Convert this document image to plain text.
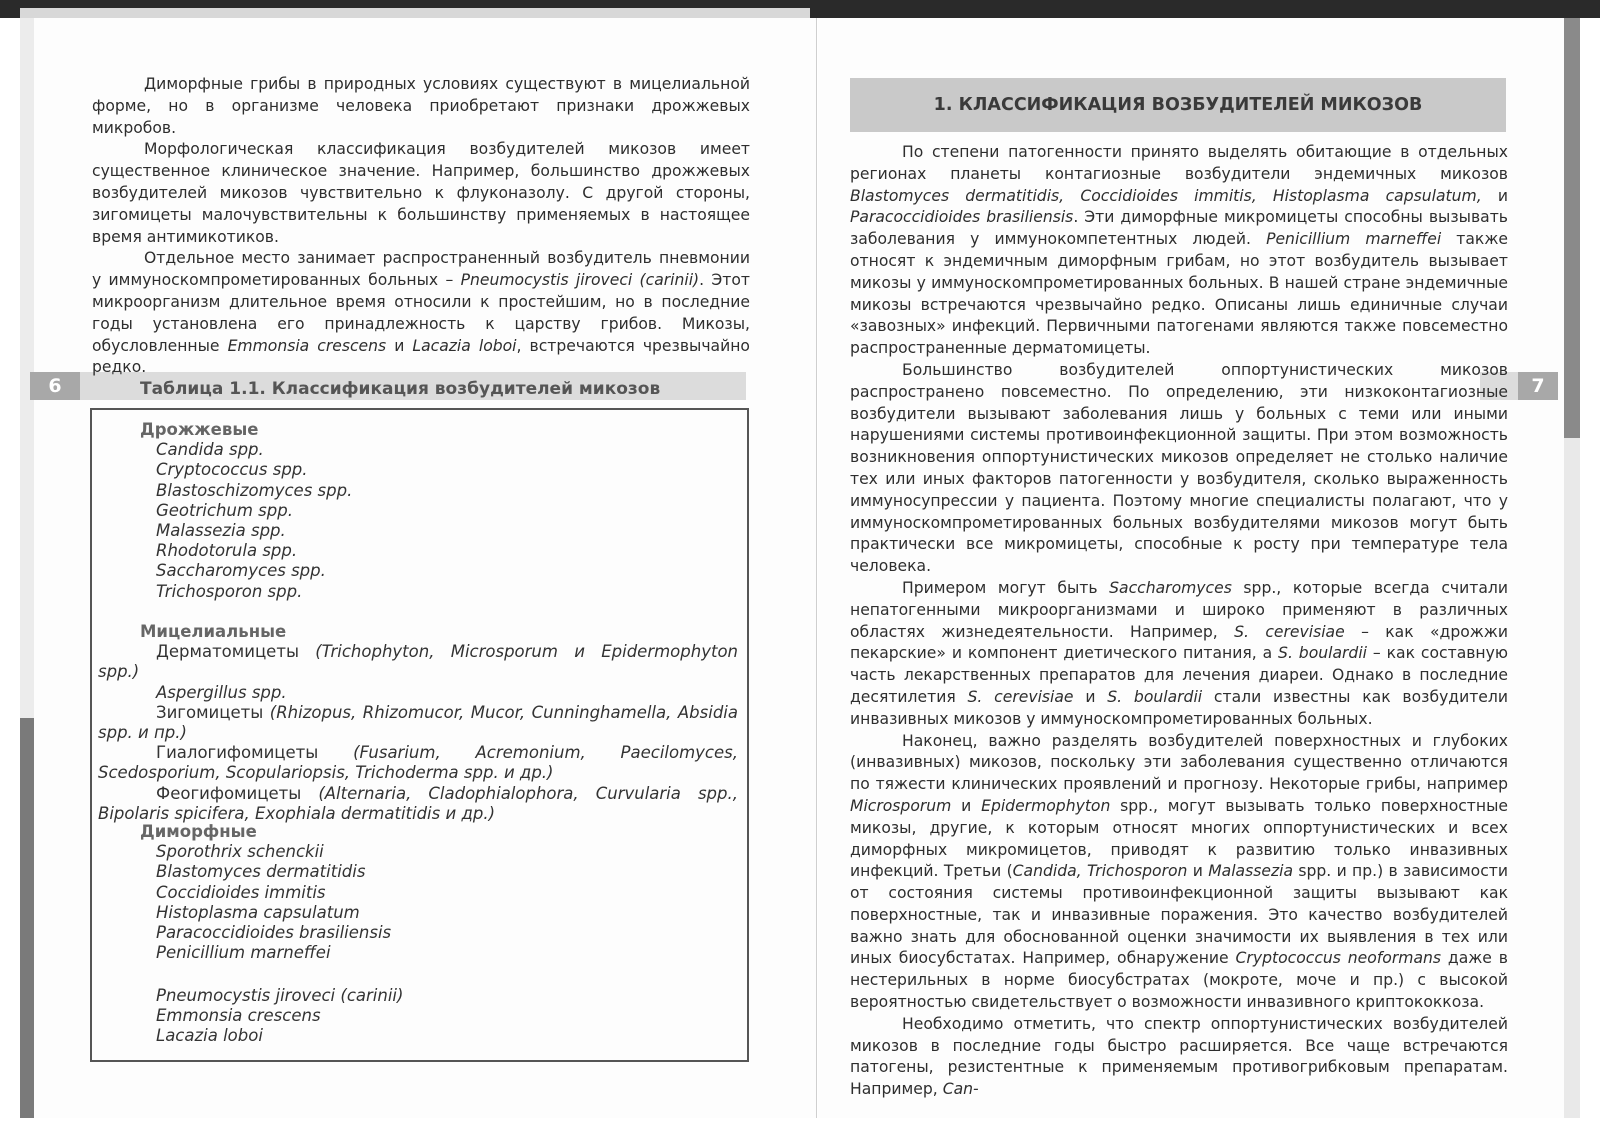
6	7

Диморфные грибы в природных условиях существуют в мицелиальной форме, но в организме человека приобретают признаки дрожжевых микробов.

Морфологическая классификация возбудителей микозов имеет существенное клиническое значение. Например, большинство дрожжевых возбудителей микозов чувствительно к флуконазолу. С другой стороны, зигомицеты малочувствительны к большинству применяемых в настоящее время антимикотиков.

Отдельное место занимает распространенный возбудитель пневмонии у иммуноскомпрометированных больных – Pneumocystis jiroveci (carinii). Этот микроорганизм длительное время относили к простейшим, но в последние годы установлена его принадлежность к царству грибов. Микозы, обусловленные Emmonsia crescens и Lacazia loboi, встречаются чрезвычайно редко.

Таблица 1.1. Классификация возбудителей микозов
Дрожжевые
Candida spp.
Cryptococcus spp.
Blastoschizomyces spp.
Geotrichum spp.
Malassezia spp.
Rhodotorula spp.
Saccharomyces spp.
Trichosporon spp.
Мицелиальные
Дерматомицеты (Trichophyton, Microsporum и Epidermophyton spp.)
Aspergillus spp.
Зигомицеты (Rhizopus, Rhizomucor, Mucor, Cunninghamella, Absidia spp. и пр.)
Гиалогифомицеты (Fusarium, Acremonium, Paecilomyces, Scedosporium, Scopulariopsis, Trichoderma spp. и др.)
Феогифомицеты (Alternaria, Cladophialophora, Curvularia spp., Bipolaris spicifera, Exophiala dermatitidis и др.)
Диморфные
Sporothrix schenckii
Blastomyces dermatitidis
Coccidioides immitis
Histoplasma capsulatum
Paracoccidioides brasiliensis
Penicillium marneffei
Pneumocystis jiroveci (carinii)
Emmonsia crescens
Lacazia loboi
1. КЛАССИФИКАЦИЯ ВОЗБУДИТЕЛЕЙ МИКОЗОВ

По степени патогенности принято выделять обитающие в отдельных регионах планеты контагиозные возбудители эндемичных микозов Blastomyces dermatitidis, Coccidioides immitis, Histoplasma capsulatum, и Paracoccidioides brasiliensis. Эти диморфные микромицеты способны вызывать заболевания у иммунокомпетентных людей. Penicillium marneffei также относят к эндемичным диморфным грибам, но этот возбудитель вызывает микозы у иммуноскомпрометированных больных. В нашей стране эндемичные микозы встречаются чрезвычайно редко. Описаны лишь единичные случаи «завозных» инфекций. Первичными патогенами являются также повсеместно распространенные дерматомицеты.

Большинство возбудителей оппортунистических микозов распространено повсеместно. По определению, эти низкоконтагиозные возбудители вызывают заболевания лишь у больных с теми или иными нарушениями системы противоинфекционной защиты. При этом возможность возникновения оппортунистических микозов определяет не столько наличие тех или иных факторов патогенности у возбудителя, сколько выраженность иммуносупрессии у пациента. Поэтому многие специалисты полагают, что у иммуноскомпрометированных больных возбудителями микозов могут быть практически все микромицеты, способные к росту при температуре тела человека.

Примером могут быть Saccharomyces spp., которые всегда считали непатогенными микроорганизмами и широко применяют в различных областях жизнедеятельности. Например, S. cerevisiae – как «дрожжи пекарские» и компонент диетического питания, а S. boulardii – как составную часть лекарственных препаратов для лечения диареи. Однако в последние десятилетия S. cerevisiae и S. boulardii стали известны как возбудители инвазивных микозов у иммуноскомпрометированных больных.

Наконец, важно разделять возбудителей поверхностных и глубоких (инвазивных) микозов, поскольку эти заболевания существенно отличаются по тяжести клинических проявлений и прогнозу. Некоторые грибы, например Microsporum и Epidermophyton spp., могут вызывать только поверхностные микозы, другие, к которым относят многих оппортунистических и всех диморфных микромицетов, приводят к развитию только инвазивных инфекций. Третьи (Candida, Trichosporon и Malassezia spp. и пр.) в зависимости от состояния системы противоинфекционной защиты вызывают как поверхностные, так и инвазивные поражения. Это качество возбудителей важно знать для обоснованной оценки значимости их выявления в тех или иных биосубстатах. Например, обнаружение Cryptococcus neoformans даже в нестерильных в норме биосубстратах (мокроте, моче и пр.) с высокой вероятностью свидетельствует о возможности инвазивного криптококкоза.

Необходимо отметить, что спектр оппортунистических возбудителей микозов в последние годы быстро расширяется. Все чаще встречаются патогены, резистентные к применяемым противогрибковым препаратам. Например, Can-
